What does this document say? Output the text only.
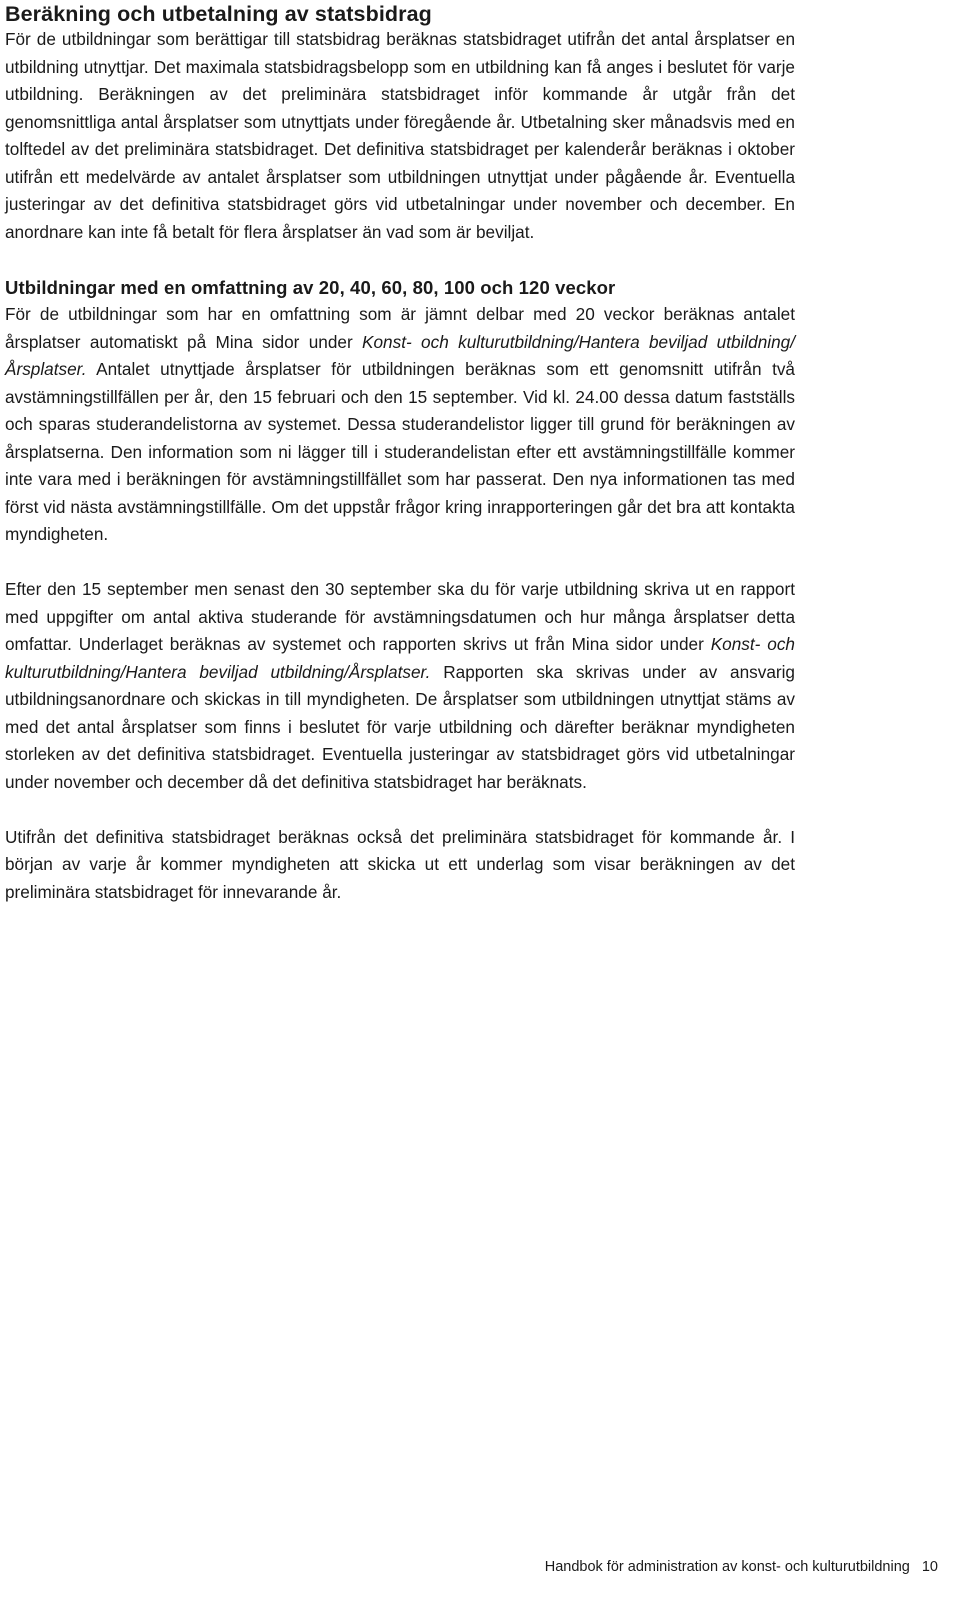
Beräkning och utbetalning av statsbidrag

För de utbildningar som berättigar till statsbidrag beräknas statsbidraget utifrån det antal årsplatser en utbildning utnyttjar. Det maximala statsbidragsbelopp som en utbildning kan få anges i beslutet för varje utbildning. Beräkningen av det preliminära statsbidraget inför kommande år utgår från det genomsnittliga antal årsplatser som utnyttjats under föregående år. Utbetalning sker månadsvis med en tolftedel av det preliminära statsbidraget. Det definitiva statsbidraget per kalenderår beräknas i oktober utifrån ett medelvärde av antalet årsplatser som utbildningen utnyttjat under pågående år. Eventuella justeringar av det definitiva statsbidraget görs vid utbetalningar under november och december. En anordnare kan inte få betalt för flera årsplatser än vad som är beviljat.

Utbildningar med en omfattning av 20, 40, 60, 80, 100 och 120 veckor

För de utbildningar som har en omfattning som är jämnt delbar med 20 veckor beräknas antalet årsplatser automatiskt på Mina sidor under Konst- och kulturutbildning/Hantera beviljad utbildning/Årsplatser. Antalet utnyttjade årsplatser för utbildningen beräknas som ett genomsnitt utifrån två avstämningstillfällen per år, den 15 februari och den 15 september. Vid kl. 24.00 dessa datum fastställs och sparas studerandelistorna av systemet. Dessa studerandelistor ligger till grund för beräkningen av årsplatserna. Den information som ni lägger till i studerandelistan efter ett avstämningstillfälle kommer inte vara med i beräkningen för avstämningstillfället som har passerat. Den nya informationen tas med först vid nästa avstämningstillfälle. Om det uppstår frågor kring inrapporteringen går det bra att kontakta myndigheten.

Efter den 15 september men senast den 30 september ska du för varje utbildning skriva ut en rapport med uppgifter om antal aktiva studerande för avstämningsdatumen och hur många årsplatser detta omfattar. Underlaget beräknas av systemet och rapporten skrivs ut från Mina sidor under Konst- och kulturutbildning/Hantera beviljad utbildning/Årsplatser. Rapporten ska skrivas under av ansvarig utbildningsanordnare och skickas in till myndigheten. De årsplatser som utbildningen utnyttjat stäms av med det antal årsplatser som finns i beslutet för varje utbildning och därefter beräknar myndigheten storleken av det definitiva statsbidraget. Eventuella justeringar av statsbidraget görs vid utbetalningar under november och december då det definitiva statsbidraget har beräknats.

Utifrån det definitiva statsbidraget beräknas också det preliminära statsbidraget för kommande år. I början av varje år kommer myndigheten att skicka ut ett underlag som visar beräkningen av det preliminära statsbidraget för innevarande år.

Handbok för administration av konst- och kulturutbildning 10
